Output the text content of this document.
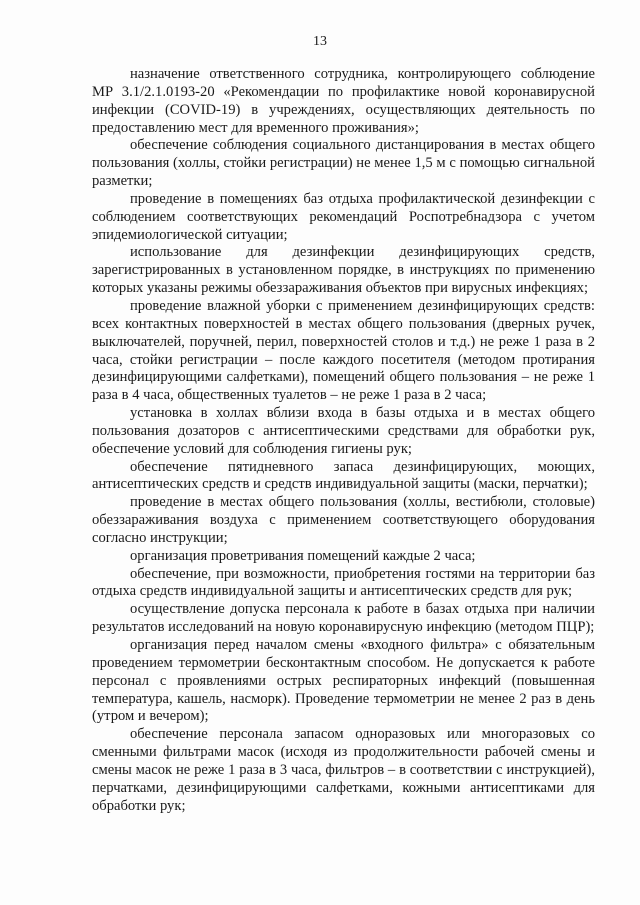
13

назначение ответственного сотрудника, контролирующего соблюдение МР 3.1/2.1.0193-20 «Рекомендации по профилактике новой коронавирусной инфекции (COVID-19) в учреждениях, осуществляющих деятельность по предоставлению мест для временного проживания»;

обеспечение соблюдения социального дистанцирования в местах общего пользования (холлы, стойки регистрации) не менее 1,5 м с помощью сигнальной разметки;

проведение в помещениях баз отдыха профилактической дезинфекции с соблюдением соответствующих рекомендаций Роспотребнадзора с учетом эпидемиологической ситуации;

использование для дезинфекции дезинфицирующих средств, зарегистрированных в установленном порядке, в инструкциях по применению которых указаны режимы обеззараживания объектов при вирусных инфекциях;

проведение влажной уборки с применением дезинфицирующих средств: всех контактных поверхностей в местах общего пользования (дверных ручек, выключателей, поручней, перил, поверхностей столов и т.д.) не реже 1 раза в 2 часа, стойки регистрации – после каждого посетителя (методом протирания дезинфицирующими салфетками), помещений общего пользования – не реже 1 раза в 4 часа, общественных туалетов – не реже 1 раза в 2 часа;

установка в холлах вблизи входа в базы отдыха и в местах общего пользования дозаторов с антисептическими средствами для обработки рук, обеспечение условий для соблюдения гигиены рук;

обеспечение пятидневного запаса дезинфицирующих, моющих, антисептических средств и средств индивидуальной защиты (маски, перчатки);

проведение в местах общего пользования (холлы, вестибюли, столовые) обеззараживания воздуха с применением соответствующего оборудования согласно инструкции;

организация проветривания помещений каждые 2 часа;

обеспечение, при возможности, приобретения гостями на территории баз отдыха средств индивидуальной защиты и антисептических средств для рук;

осуществление допуска персонала к работе в базах отдыха при наличии результатов исследований на новую коронавирусную инфекцию (методом ПЦР);

организация перед началом смены «входного фильтра» с обязательным проведением термометрии бесконтактным способом. Не допускается к работе персонал с проявлениями острых респираторных инфекций (повышенная температура, кашель, насморк). Проведение термометрии не менее 2 раз в день (утром и вечером);

обеспечение персонала запасом одноразовых или многоразовых со сменными фильтрами масок (исходя из продолжительности рабочей смены и смены масок не реже 1 раза в 3 часа, фильтров – в соответствии с инструкцией), перчатками, дезинфицирующими салфетками, кожными антисептиками для обработки рук;
